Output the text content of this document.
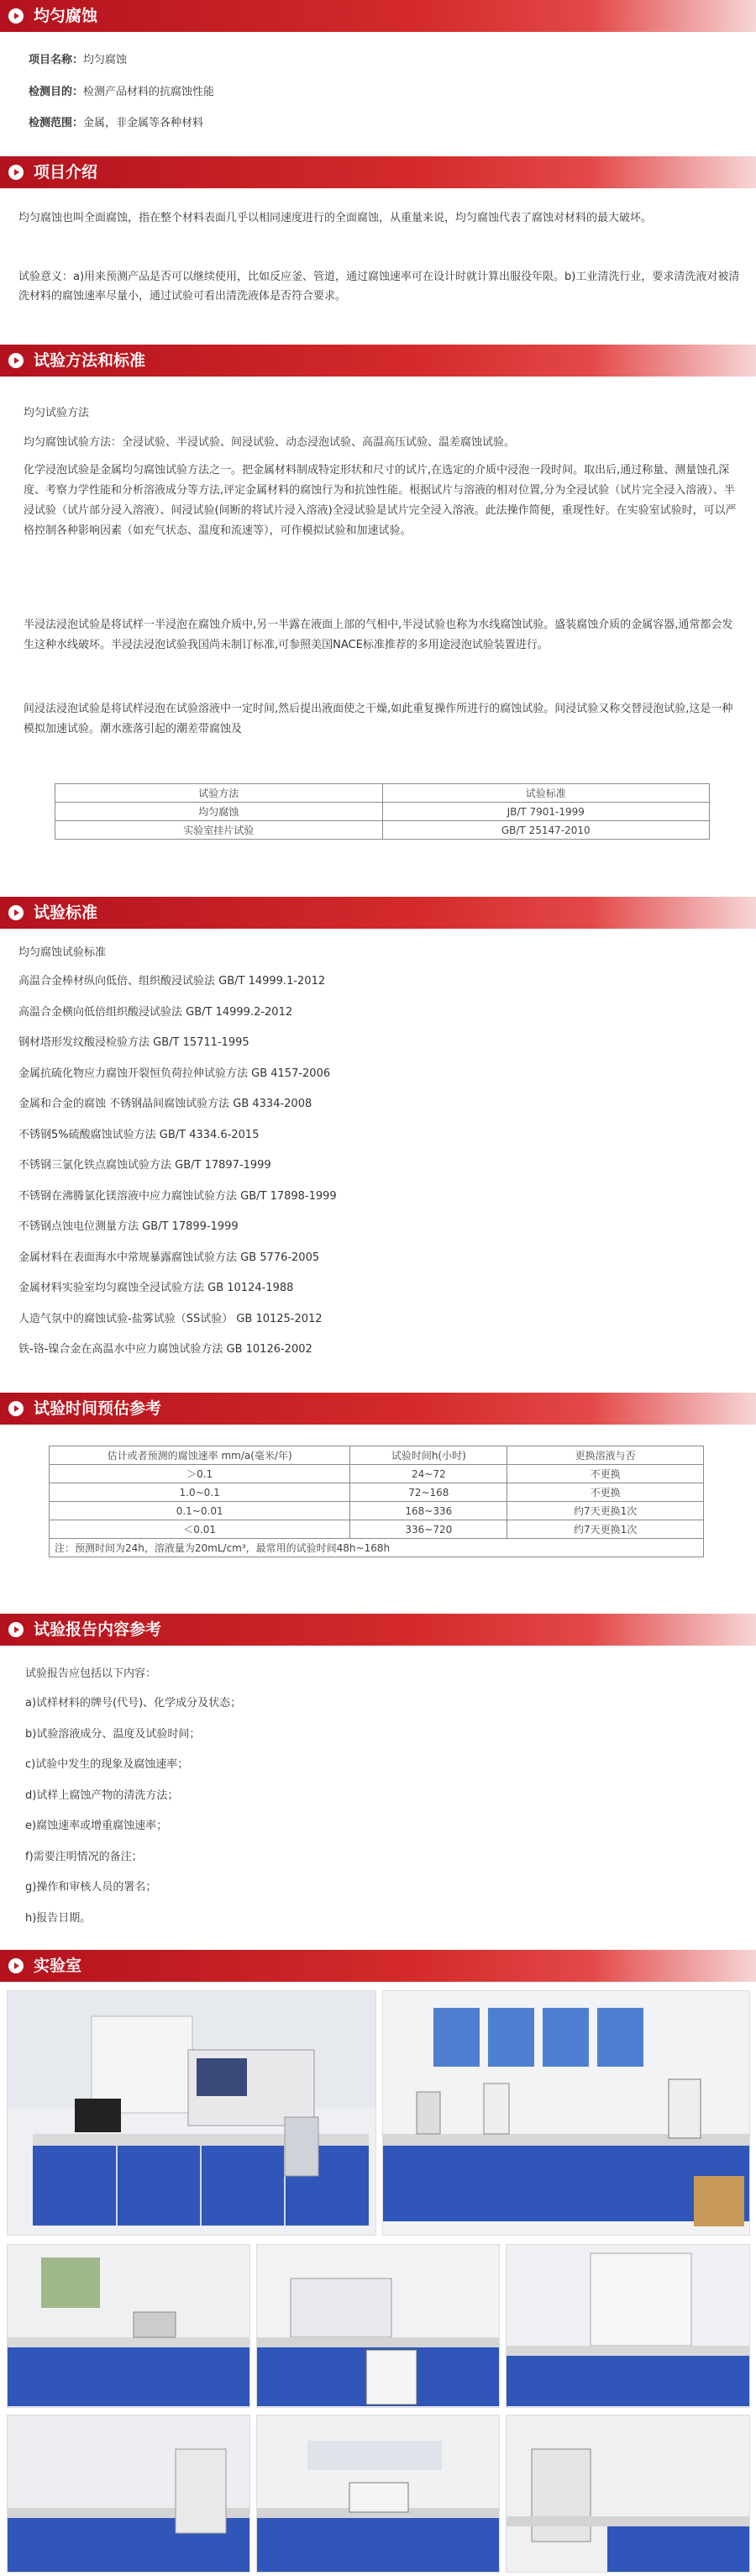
均匀腐蚀
项目名称：均匀腐蚀
检测目的：检测产品材料的抗腐蚀性能
检测范围：金属，非金属等各种材料
项目介绍
均匀腐蚀也叫全面腐蚀，指在整个材料表面几乎以相同速度进行的全面腐蚀，从重量来说，均匀腐蚀代表了腐蚀对材料的最大破坏。
试验意义：a)用来预测产品是否可以继续使用，比如反应釜、管道，通过腐蚀速率可在设计时就计算出服役年限。b)工业清洗行业，要求清洗液对被清洗材料的腐蚀速率尽量小，通过试验可看出清洗液体是否符合要求。
试验方法和标准
均匀试验方法
均匀腐蚀试验方法：全浸试验、半浸试验、间浸试验、动态浸泡试验、高温高压试验、温差腐蚀试验。
化学浸泡试验是金属均匀腐蚀试验方法之一。把金属材料制成特定形状和尺寸的试片,在选定的介质中浸泡一段时间。取出后,通过称量、测量蚀孔深度、考察力学性能和分析溶液成分等方法,评定金属材料的腐蚀行为和抗蚀性能。根据试片与溶液的相对位置,分为全浸试验（试片完全浸入溶液）、半浸试验（试片部分浸入溶液）、间浸试验(间断的将试片浸入溶液)全浸试验是试片完全浸入溶液。此法操作简便，重现性好。在实验室试验时，可以严格控制各种影响因素（如充气状态、温度和流速等），可作模拟试验和加速试验。
半浸法浸泡试验是将试样一半浸泡在腐蚀介质中,另一半露在液面上部的气相中,半浸试验也称为水线腐蚀试验。盛装腐蚀介质的金属容器,通常都会发生这种水线破坏。半浸法浸泡试验我国尚未制订标准,可参照美国NACE标准推荐的多用途浸泡试验装置进行。
间浸法浸泡试验是将试样浸泡在试验溶液中一定时间,然后提出液面使之干燥,如此重复操作所进行的腐蚀试验。间浸试验又称交替浸泡试验,这是一种模拟加速试验。潮水涨落引起的潮差带腐蚀及
试验方法	试验标准
均匀腐蚀	JB/T 7901-1999
实验室挂片试验	GB/T 25147-2010
试验标准
均匀腐蚀试验标准
高温合金棒材纵向低倍、组织酸浸试验法 GB/T 14999.1-2012
高温合金横向低倍组织酸浸试验法 GB/T 14999.2-2012
钢材塔形发纹酸浸检验方法 GB/T 15711-1995
金属抗硫化物应力腐蚀开裂恒负荷拉伸试验方法 GB 4157-2006
金属和合金的腐蚀 不锈钢晶间腐蚀试验方法 GB 4334-2008
不锈钢5%硫酸腐蚀试验方法 GB/T 4334.6-2015
不锈钢三氯化铁点腐蚀试验方法 GB/T 17897-1999
不锈钢在沸腾氯化镁溶液中应力腐蚀试验方法 GB/T 17898-1999
不锈钢点蚀电位测量方法 GB/T 17899-1999
金属材料在表面海水中常规暴露腐蚀试验方法 GB 5776-2005
金属材料实验室均匀腐蚀全浸试验方法 GB 10124-1988
人造气氛中的腐蚀试验-盐雾试验（SS试验） GB 10125-2012
铁-铬-镍合金在高温水中应力腐蚀试验方法 GB 10126-2002
试验时间预估参考
估计或者预测的腐蚀速率 mm/a(毫米/年)	试验时间h(小时)	更换溶液与否
＞0.1	24~72	不更换
1.0~0.1	72~168	不更换
0.1~0.01	168~336	约7天更换1次
＜0.01	336~720	约7天更换1次
注：预测时间为24h，溶液量为20mL/cm³，最常用的试验时间48h~168h		
试验报告内容参考
试验报告应包括以下内容：
a)试样材料的牌号(代号)、化学成分及状态；
b)试验溶液成分、温度及试验时间；
c)试验中发生的现象及腐蚀速率；
d)试样上腐蚀产物的清洗方法；
e)腐蚀速率或增重腐蚀速率；
f)需要注明情况的备注；
g)操作和审核人员的署名；
h)报告日期。
实验室
